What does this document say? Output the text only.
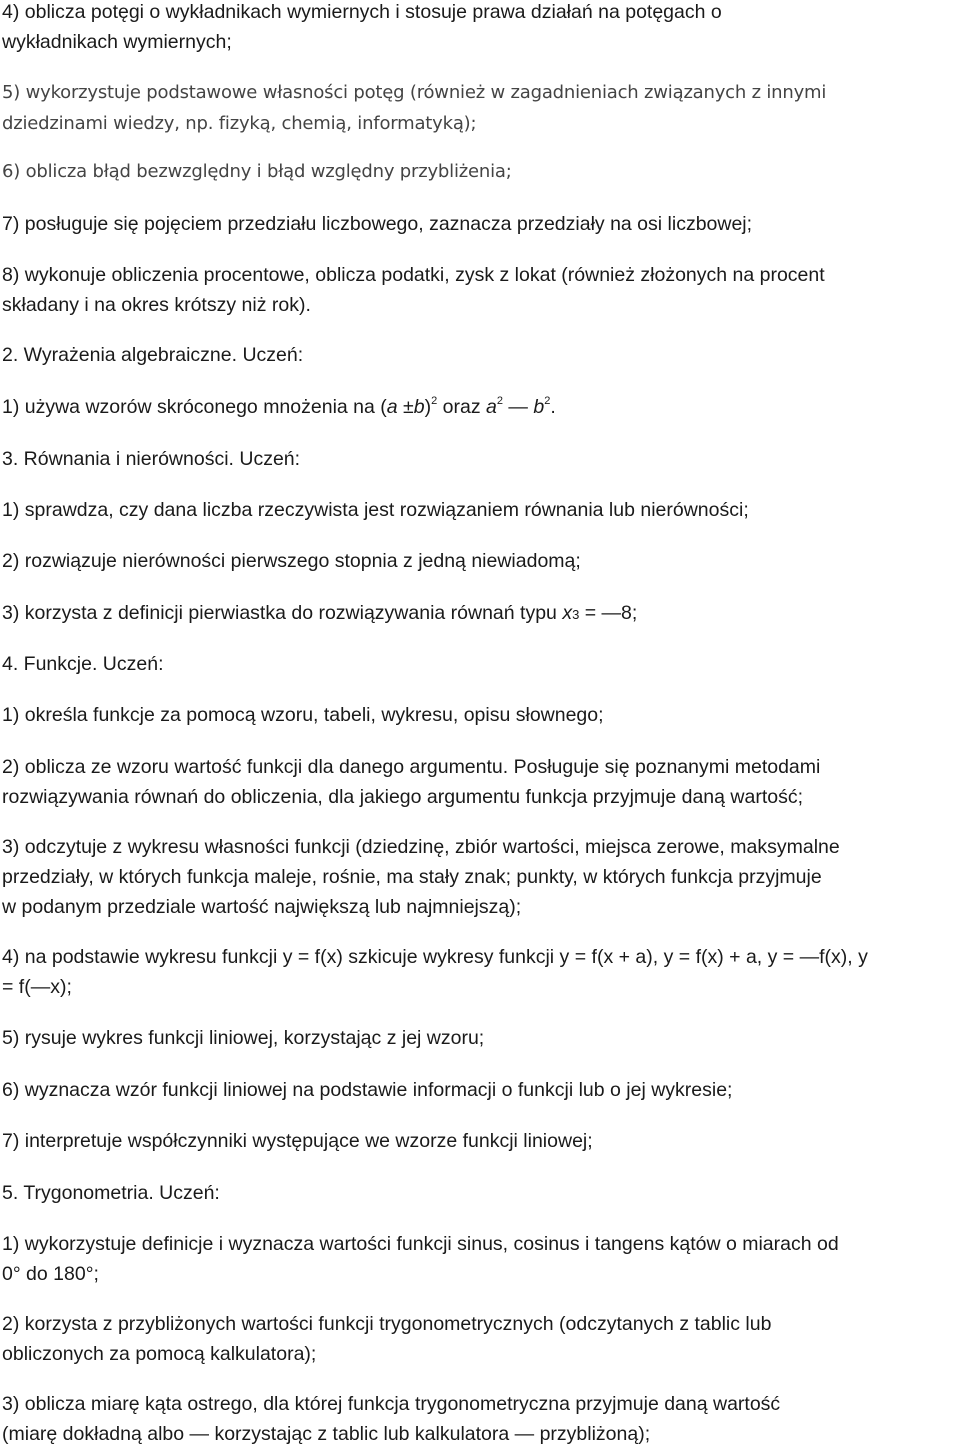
4) oblicza potęgi o wykładnikach wymiernych i stosuje prawa działań na potęgach o
wykładnikach wymiernych;

5) wykorzystuje podstawowe własności potęg (również w zagadnieniach związanych z innymi
dziedzinami wiedzy, np. fizyką, chemią, informatyką);

6) oblicza błąd bezwzględny i błąd względny przybliżenia;

7) posługuje się pojęciem przedziału liczbowego, zaznacza przedziały na osi liczbowej;

8) wykonuje obliczenia procentowe, oblicza podatki, zysk z lokat (również złożonych na procent
składany i na okres krótszy niż rok).

2. Wyrażenia algebraiczne. Uczeń:

1) używa wzorów skróconego mnożenia na $(a \pm b)^2$ oraz $a^2$ — $b^2$.

3. Równania i nierówności. Uczeń:

1) sprawdza, czy dana liczba rzeczywista jest rozwiązaniem równania lub nierówności;

2) rozwiązuje nierówności pierwszego stopnia z jedną niewiadomą;

3) korzysta z definicji pierwiastka do rozwiązywania równań typu x3 = —8;

4. Funkcje. Uczeń:

1) określa funkcje za pomocą wzoru, tabeli, wykresu, opisu słownego;

2) oblicza ze wzoru wartość funkcji dla danego argumentu. Posługuje się poznanymi metodami
rozwiązywania równań do obliczenia, dla jakiego argumentu funkcja przyjmuje daną wartość;

3) odczytuje z wykresu własności funkcji (dziedzinę, zbiór wartości, miejsca zerowe, maksymalne
przedziały, w których funkcja maleje, rośnie, ma stały znak; punkty, w których funkcja przyjmuje
w podanym przedziale wartość największą lub najmniejszą);

4) na podstawie wykresu funkcji y = f(x) szkicuje wykresy funkcji y = f(x + a), y = f(x) + a, y = —f(x), y
= f(—x);

5) rysuje wykres funkcji liniowej, korzystając z jej wzoru;

6) wyznacza wzór funkcji liniowej na podstawie informacji o funkcji lub o jej wykresie;

7) interpretuje współczynniki występujące we wzorze funkcji liniowej;

5. Trygonometria. Uczeń:

1) wykorzystuje definicje i wyznacza wartości funkcji sinus, cosinus i tangens kątów o miarach od
0° do 180°;

2) korzysta z przybliżonych wartości funkcji trygonometrycznych (odczytanych z tablic lub
obliczonych za pomocą kalkulatora);

3) oblicza miarę kąta ostrego, dla której funkcja trygonometryczna przyjmuje daną wartość
(miarę dokładną albo — korzystając z tablic lub kalkulatora — przybliżoną);
